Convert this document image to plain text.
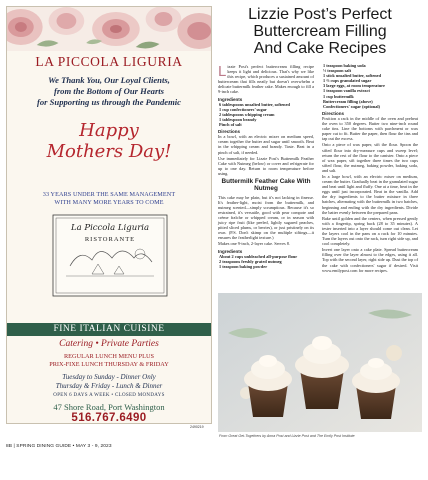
LA PICCOLA LIGURIA
We Thank You, Our Loyal Clients,
from the Bottom of Our Hearts
for Supporting us through the Pandemic
Happy
Mothers Day!
33 YEARS UNDER THE SAME MANAGEMENT
WITH MANY MORE YEARS TO COME
La Piccola Liguria
RISTORANTE
FINE ITALIAN CUISINE
Catering • Private Parties
REGULAR LUNCH MENU PLUS
PRIX-FIXE LUNCH THURSDAY & FRIDAY
Tuesday to Sunday - Dinner Only
Thursday & Friday - Lunch & Dinner
OPEN 6 DAYS A WEEK • CLOSED MONDAYS
47 Shore Road, Port Washington
516.767.6490
2490219
Lizzie Post’s Perfect
Buttercream Filling
And Cake Recipes

Lizzie Post's perfect buttercream filling recipe keeps it light and delicious. That's why we like this recipe, which produces a sustained amount of buttercream that fills neatly but doesn't overwhelm a delicate buttermilk feather cake. Makes enough to fill a 9-inch cake.

Ingredients
6 tablespoons unsalted butter, softened
1 cup confectioners’ sugar
2 tablespoons whipping cream
1 tablespoon brandy
Pinch of salt
Directions

In a bowl, with an electric mixer on medium speed, cream together the butter and sugar until smooth. Beat in the whipping cream and brandy. Taste. Beat in a pinch of salt, if needed.

Use immediately for Lizzie Post's Buttermilk Feather Cake with Nutmeg (below) or cover and refrigerate for up to one day. Return to room temperature before using.

Buttermilk Feather Cake With Nutmeg

This cake may be plain, but it's not lacking in finesse. It's feather-light, moist from the buttermilk, and nutmeg scented—simply scrumptious. Because it's so restrained, it's versatile, good with pear compote and crème fraîche or whipped cream, or in season with juicy ripe fruit (like peeled, lightly sugared peaches, pitted sliced plums, or berries), or just pristinely on its own. (P.S. Don't skimp on the multiple siftings—it ensures the featherlight texture.)

Makes one 9-inch, 2-layer cake. Serves 8.

Ingredients
About 2 cups unbleached all-purpose flour
2 teaspoons freshly grated nutmeg
1 teaspoon baking powder
1 teaspoon baking soda
½ teaspoon salt
1 stick unsalted butter, softened
1 ⅔ cups granulated sugar
3 large eggs, at room temperature
1 teaspoon vanilla extract
1 cup buttermilk
Buttercream filling (above)
Confectioners' sugar (optional)
Directions

Position a rack in the middle of the oven and preheat the oven to 350 degrees. Butter two nine-inch round cake tins. Line the bottoms with parchment or wax paper cut to fit. Butter the paper, then flour the tins and tap out the excess.

Onto a piece of wax paper, sift the flour. Spoon the sifted flour into dry-measure cups and sweep level; return the rest of the flour to the canister. Onto a piece of wax paper, sift together three times the two cups sifted flour, the nutmeg, baking powder, baking soda, and salt.

In a large bowl, with an electric mixer on medium, cream the butter. Gradually beat in the granulated sugar and beat until light and fluffy. One at a time, beat in the eggs until just incorporated. Beat in the vanilla. Add the dry ingredients to the butter mixture in three batches, alternating with the buttermilk in two batches, beginning and ending with the dry ingredients. Divide the batter evenly between the prepared pans.

Bake until golden and the centers, when pressed gently with a fingertip, spring back (28 to 35 minutes). A tester inserted into a layer should come out clean. Let the layers cool in the pans on a rack for 10 minutes. Turn the layers out onto the rack, turn right side up, and cool completely.

Invert one layer onto a cake plate. Spread buttercream filling over the layer almost to the edges, using it all. Top with the second layer, right side up. Dust the top of the cake with confectioners' sugar if desired. Visit www.emilypost.com for more recipes.

From Great Get-Togethers by Anna Post and Lizzie Post and The Emily Post Institute
8B | SPRING DINING GUIDE • MAY 3 - 9, 2023
